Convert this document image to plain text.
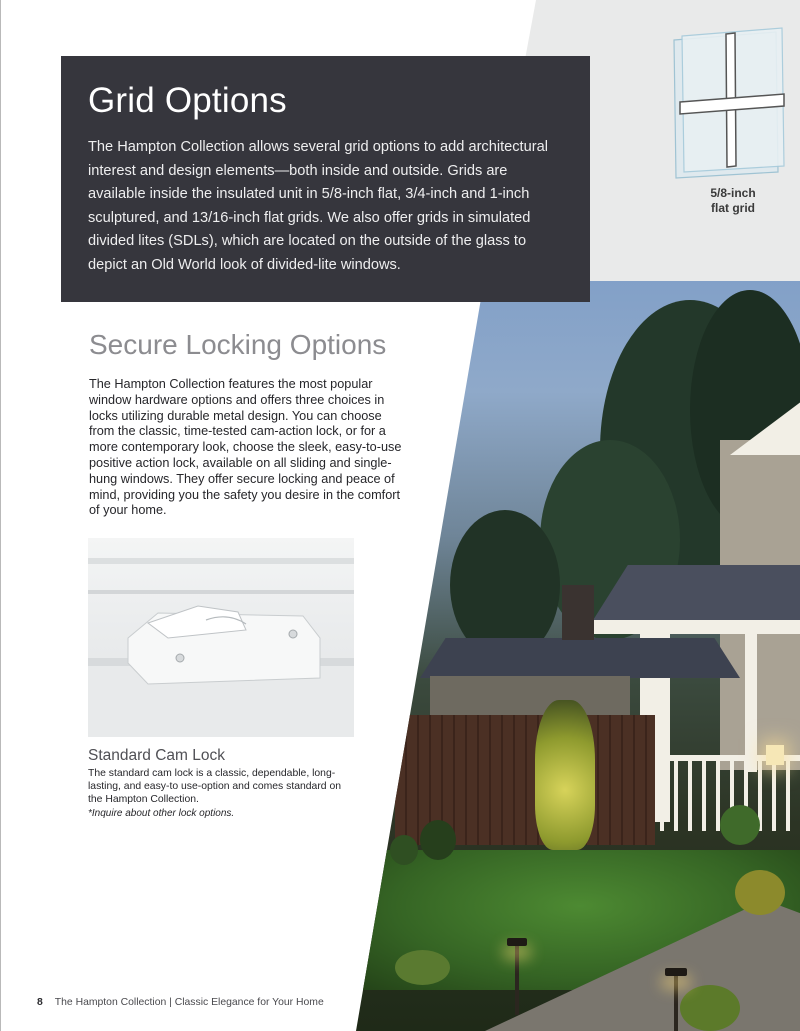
Grid Options

The Hampton Collection allows several grid options to add architectural interest and design elements—both inside and outside. Grids are available inside the insulated unit in 5/8-inch flat, 3/4-inch and 1-inch sculptured, and 13/16-inch flat grids. We also offer grids in simulated divided lites (SDLs), which are located on the outside of the glass to depict an Old World look of divided-lite windows.

5/8-inch
flat grid
Secure Locking Options

The Hampton Collection features the most popular window hardware options and offers three choices in locks utilizing durable metal design. You can choose from the classic, time-tested cam-action lock, or for a more contemporary look, choose the sleek, easy-to-use positive action lock, available on all sliding and single-hung windows. They offer secure locking and peace of mind, providing you the safety you desire in the comfort of your home.

Standard Cam Lock

The standard cam lock is a classic, dependable, long-lasting, and easy-to use-option and comes standard on the Hampton Collection.

*Inquire about other lock options.

8 The Hampton Collection | Classic Elegance for Your Home
